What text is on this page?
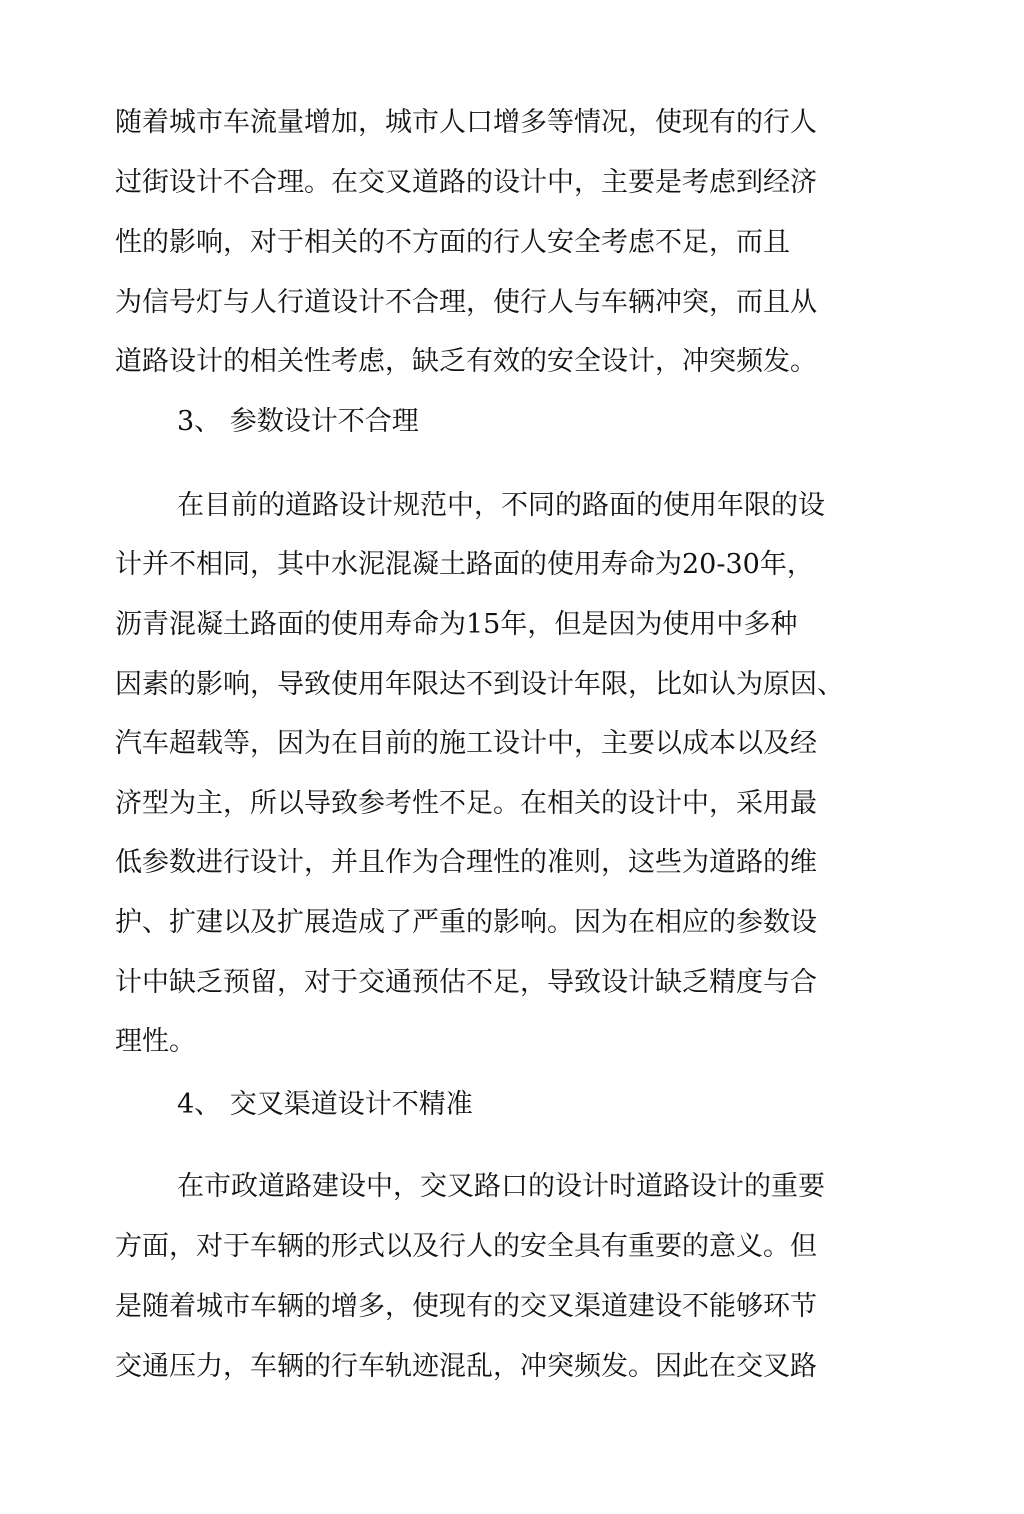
随着城市车流量增加，城市人口增多等情况，使现有的行人
过街设计不合理。在交叉道路的设计中，主要是考虑到经济
性的影响，对于相关的不方面的行人安全考虑不足，而且
为信号灯与人行道设计不合理，使行人与车辆冲突，而且从
道路设计的相关性考虑，缺乏有效的安全设计，冲突频发。
3、 参数设计不合理
在目前的道路设计规范中，不同的路面的使用年限的设
计并不相同，其中水泥混凝土路面的使用寿命为20-30年，
沥青混凝土路面的使用寿命为15年，但是因为使用中多种
因素的影响，导致使用年限达不到设计年限，比如认为原因、
汽车超载等，因为在目前的施工设计中，主要以成本以及经
济型为主，所以导致参考性不足。在相关的设计中，采用最
低参数进行设计，并且作为合理性的准则，这些为道路的维
护、扩建以及扩展造成了严重的影响。因为在相应的参数设
计中缺乏预留，对于交通预估不足，导致设计缺乏精度与合
理性。
4、 交叉渠道设计不精准
在市政道路建设中，交叉路口的设计时道路设计的重要
方面，对于车辆的形式以及行人的安全具有重要的意义。但
是随着城市车辆的增多，使现有的交叉渠道建设不能够环节
交通压力，车辆的行车轨迹混乱，冲突频发。因此在交叉路
